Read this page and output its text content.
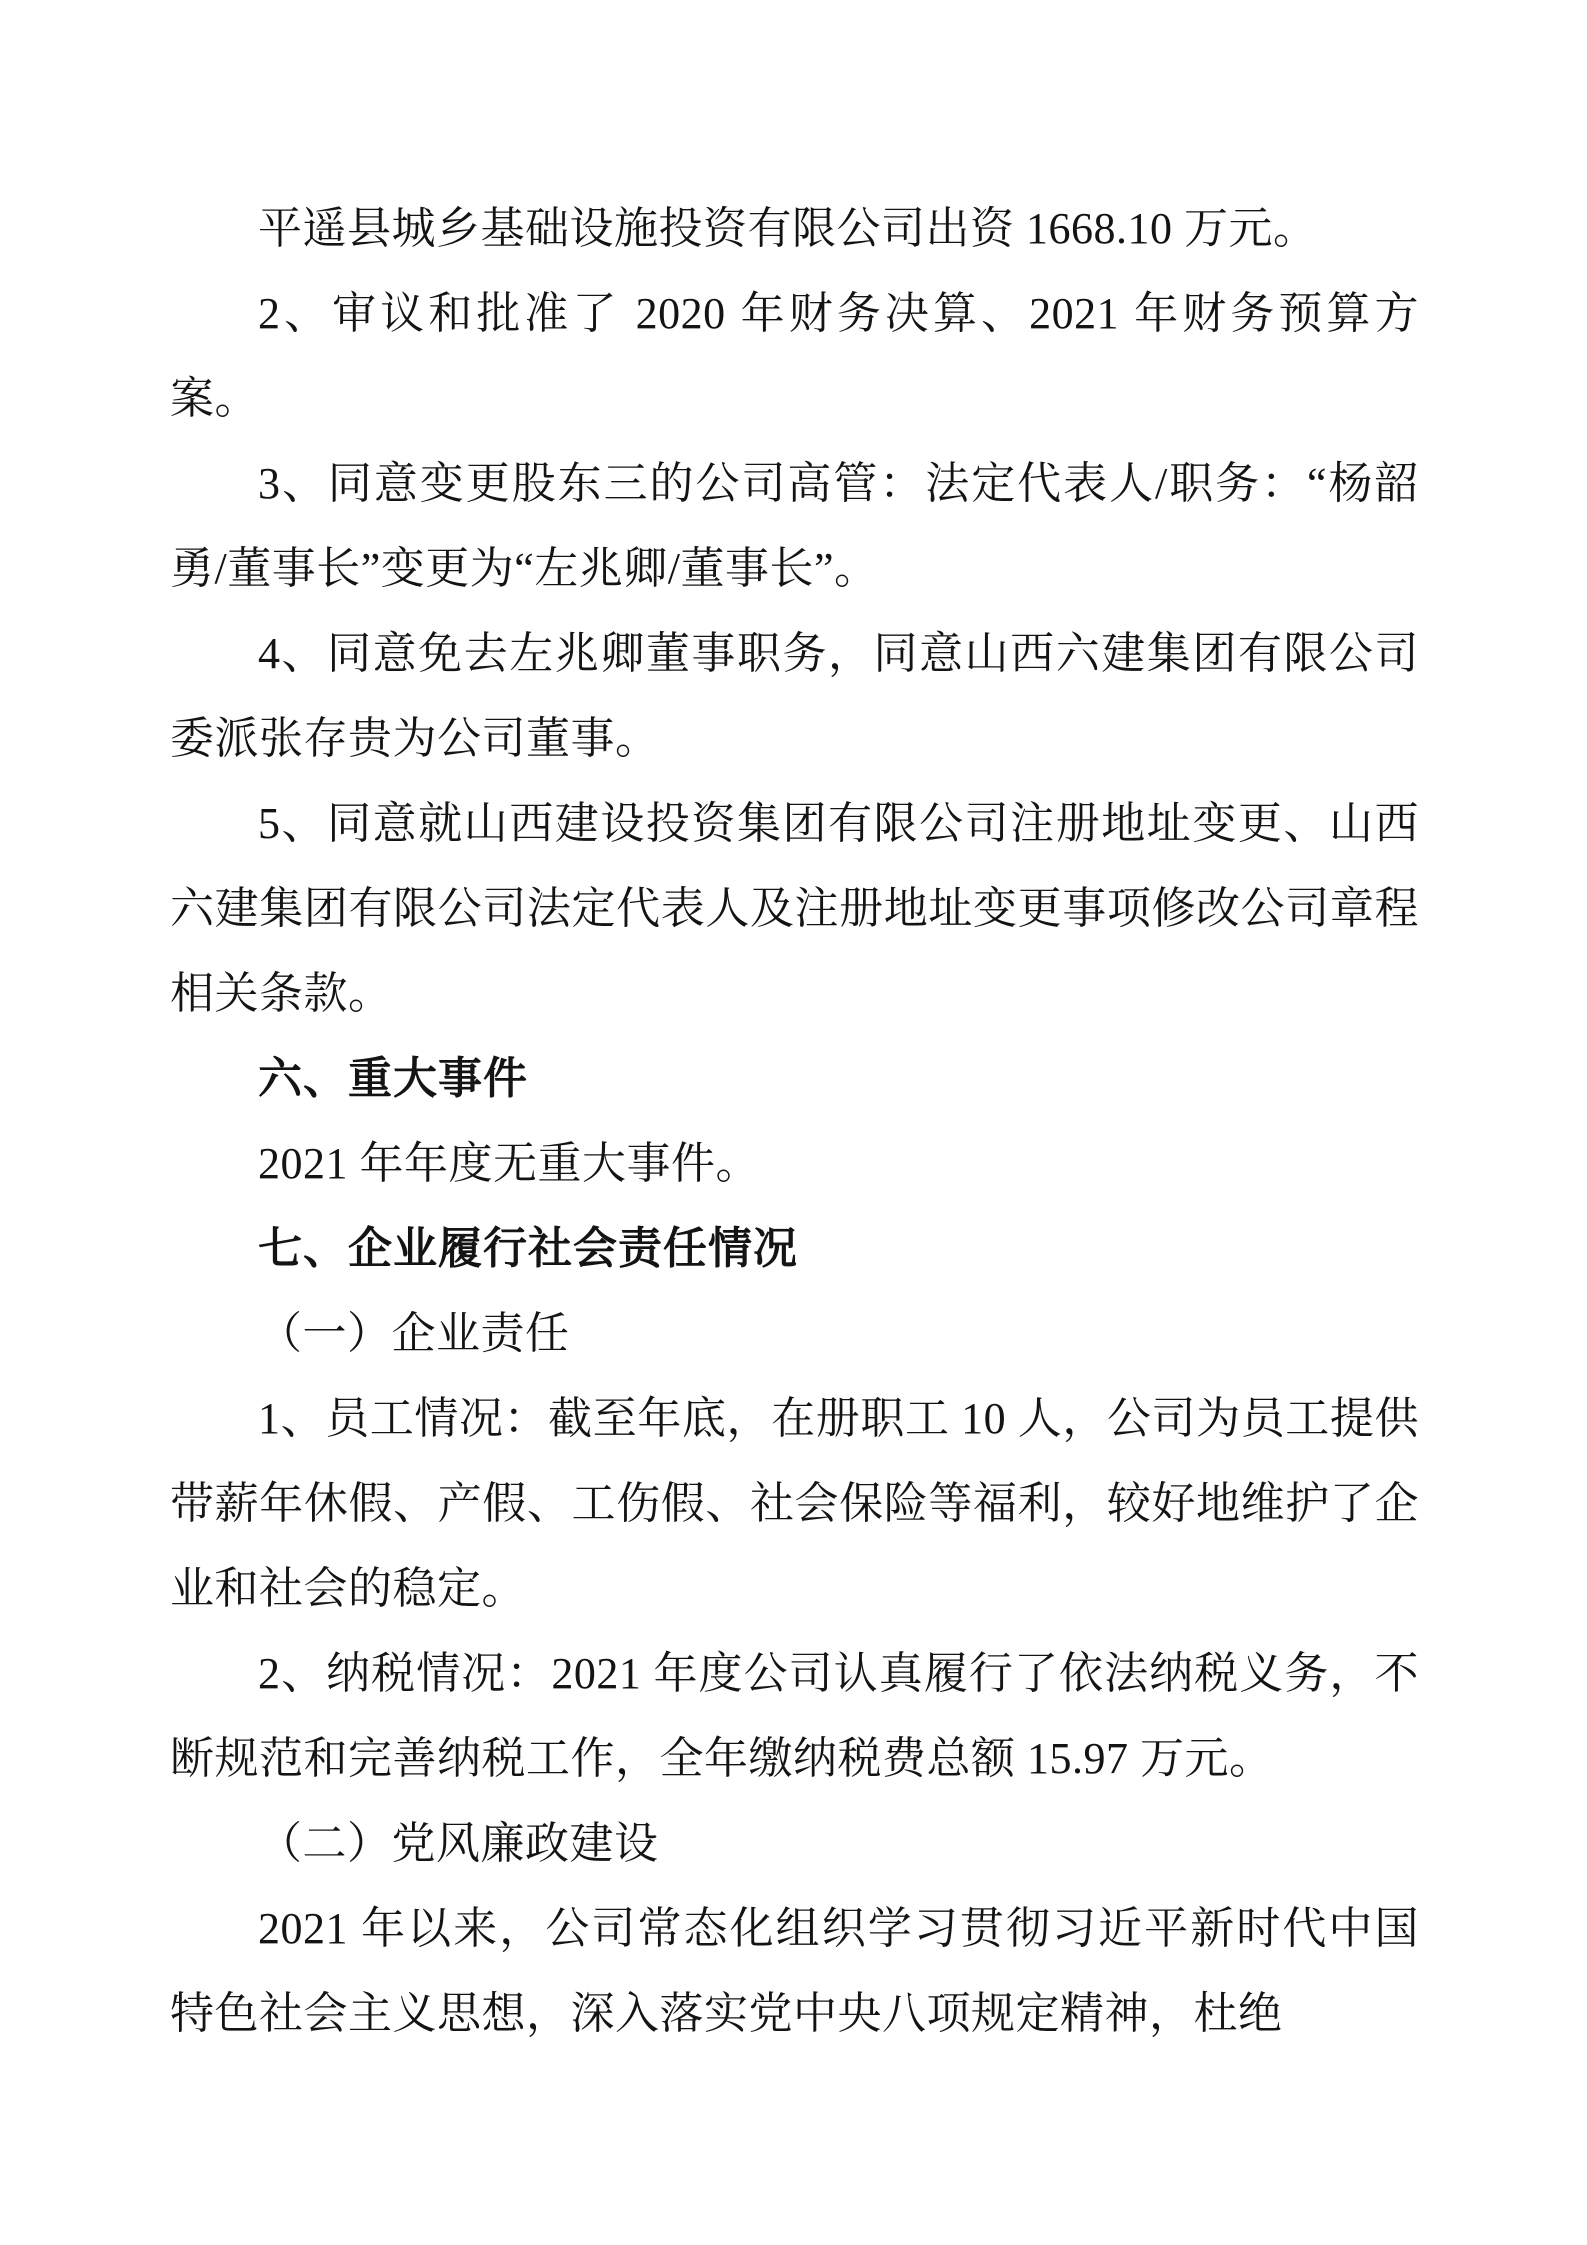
平遥县城乡基础设施投资有限公司出资 1668.10 万元。

2、审议和批准了 2020 年财务决算、2021 年财务预算方案。

3、同意变更股东三的公司高管：法定代表人/职务：“杨韶勇/董事长”变更为“左兆卿/董事长”。

4、同意免去左兆卿董事职务，同意山西六建集团有限公司委派张存贵为公司董事。

5、同意就山西建设投资集团有限公司注册地址变更、山西六建集团有限公司法定代表人及注册地址变更事项修改公司章程相关条款。

六、重大事件

2021 年年度无重大事件。

七、企业履行社会责任情况

（一）企业责任

1、员工情况：截至年底，在册职工 10 人，公司为员工提供带薪年休假、产假、工伤假、社会保险等福利，较好地维护了企业和社会的稳定。

2、纳税情况：2021 年度公司认真履行了依法纳税义务，不断规范和完善纳税工作，全年缴纳税费总额 15.97 万元。

（二）党风廉政建设

2021 年以来，公司常态化组织学习贯彻习近平新时代中国特色社会主义思想，深入落实党中央八项规定精神，杜绝
